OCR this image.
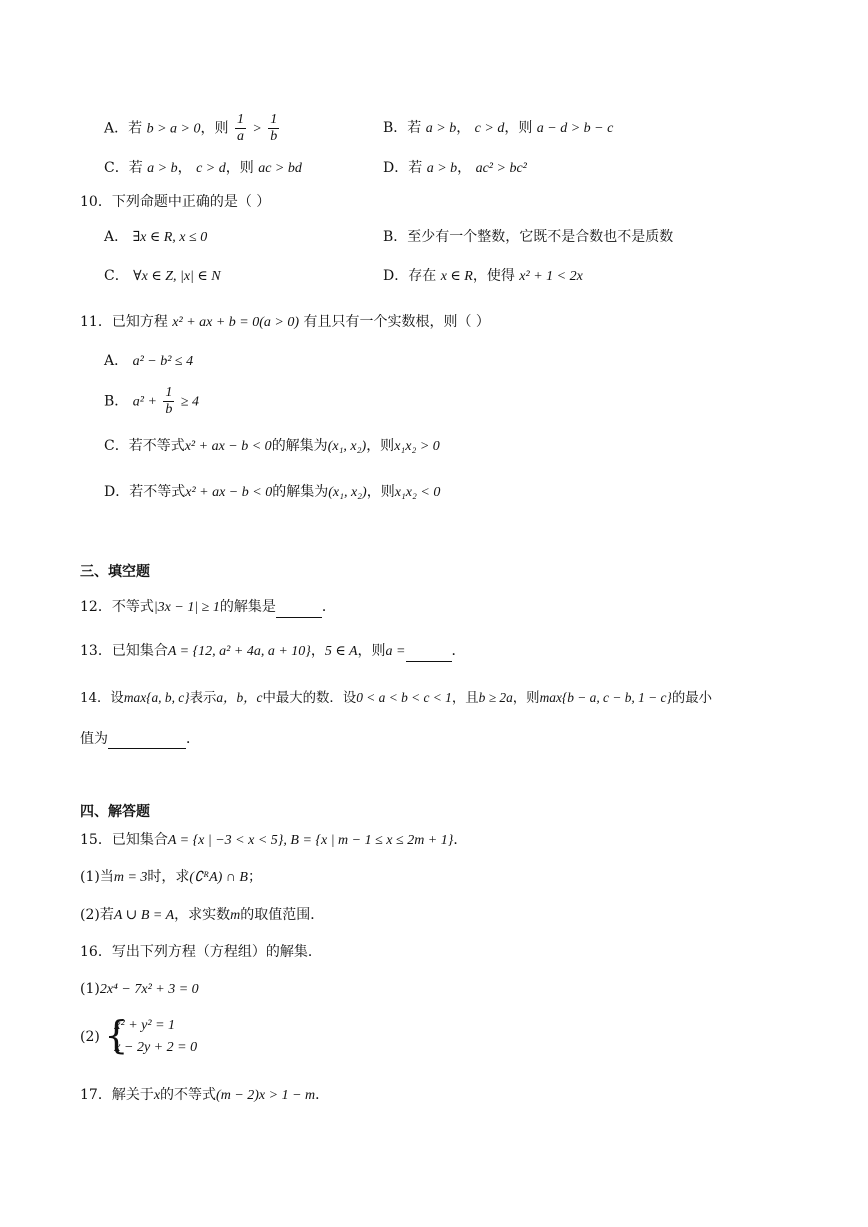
A．若 b > a > 0，则 $\frac{1}{a} > \frac{1}{b}$	B．若 a > b， c > d，则 a − d > b − c
C．若 a > b， c > d，则 ac > bd	D．若 a > b， ac² > bc²
10．下列命题中正确的是（ ）
A． ∃x ∈ R, x ≤ 0	B．至少有一个整数，它既不是合数也不是质数
C． ∀x ∈ Z, |x| ∈ N	D．存在 x ∈ R，使得 x² + 1 < 2x
11．已知方程 x² + ax + b = 0(a > 0) 有且只有一个实数根，则（ ）
A． a² − b² ≤ 4
B． $a^2 + \frac{1}{b} \ge 4$
C．若不等式x² + ax − b < 0的解集为(x₁, x₂)，则x₁x₂ > 0
D．若不等式x² + ax − b < 0的解集为(x₁, x₂)，则x₁x₂ < 0
三、填空题
12．不等式|3x − 1| ≥ 1的解集是	．
13．已知集合A = {12, a² + 4a, a + 10}，5 ∈ A，则a =	．
14．设max{a, b, c}表示a，b，c中最大的数．设0 < a < b < c < 1，且b ≥ 2a，则max{b − a, c − b, 1 − c}的最小
值为	．
四、解答题
15．已知集合A = {x | −3 < x < 5}, B = {x | m − 1 ≤ x ≤ 2m + 1}．
(1)当m = 3时，求(∁ᴿA) ∩ B；
(2)若A ∪ B = A，求实数m的取值范围．
16．写出下列方程（方程组）的解集．
(1)2x⁴ − 7x² + 3 = 0
(2) {
x² + y² = 1
x − 2y + 2 = 0
17．解关于x的不等式(m − 2)x > 1 − m．
